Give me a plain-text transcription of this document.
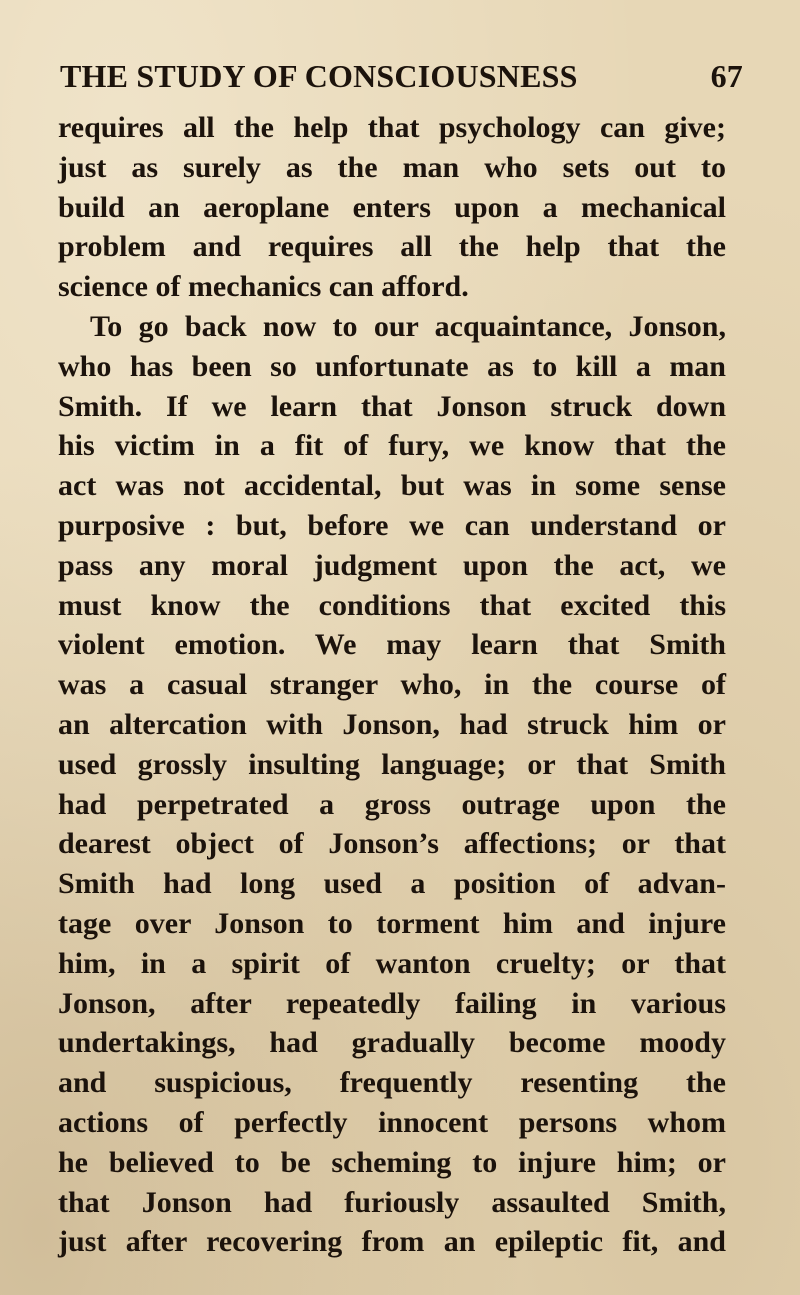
THE STUDY OF CONSCIOUSNESS	67
requires all the help that psychology can give;
just as surely as the man who sets out to
build an aeroplane enters upon a mechanical
problem and requires all the help that the
science of mechanics can afford.
To go back now to our acquaintance, Jonson,
who has been so unfortunate as to kill a man
Smith. If we learn that Jonson struck down
his victim in a fit of fury, we know that the
act was not accidental, but was in some sense
purposive : but, before we can understand or
pass any moral judgment upon the act, we
must know the conditions that excited this
violent emotion. We may learn that Smith
was a casual stranger who, in the course of
an altercation with Jonson, had struck him or
used grossly insulting language; or that Smith
had perpetrated a gross outrage upon the
dearest object of Jonson’s affections; or that
Smith had long used a position of advan-
tage over Jonson to torment him and injure
him, in a spirit of wanton cruelty; or that
Jonson, after repeatedly failing in various
undertakings, had gradually become moody
and suspicious, frequently resenting the
actions of perfectly innocent persons whom
he believed to be scheming to injure him; or
that Jonson had furiously assaulted Smith,
just after recovering from an epileptic fit, and
